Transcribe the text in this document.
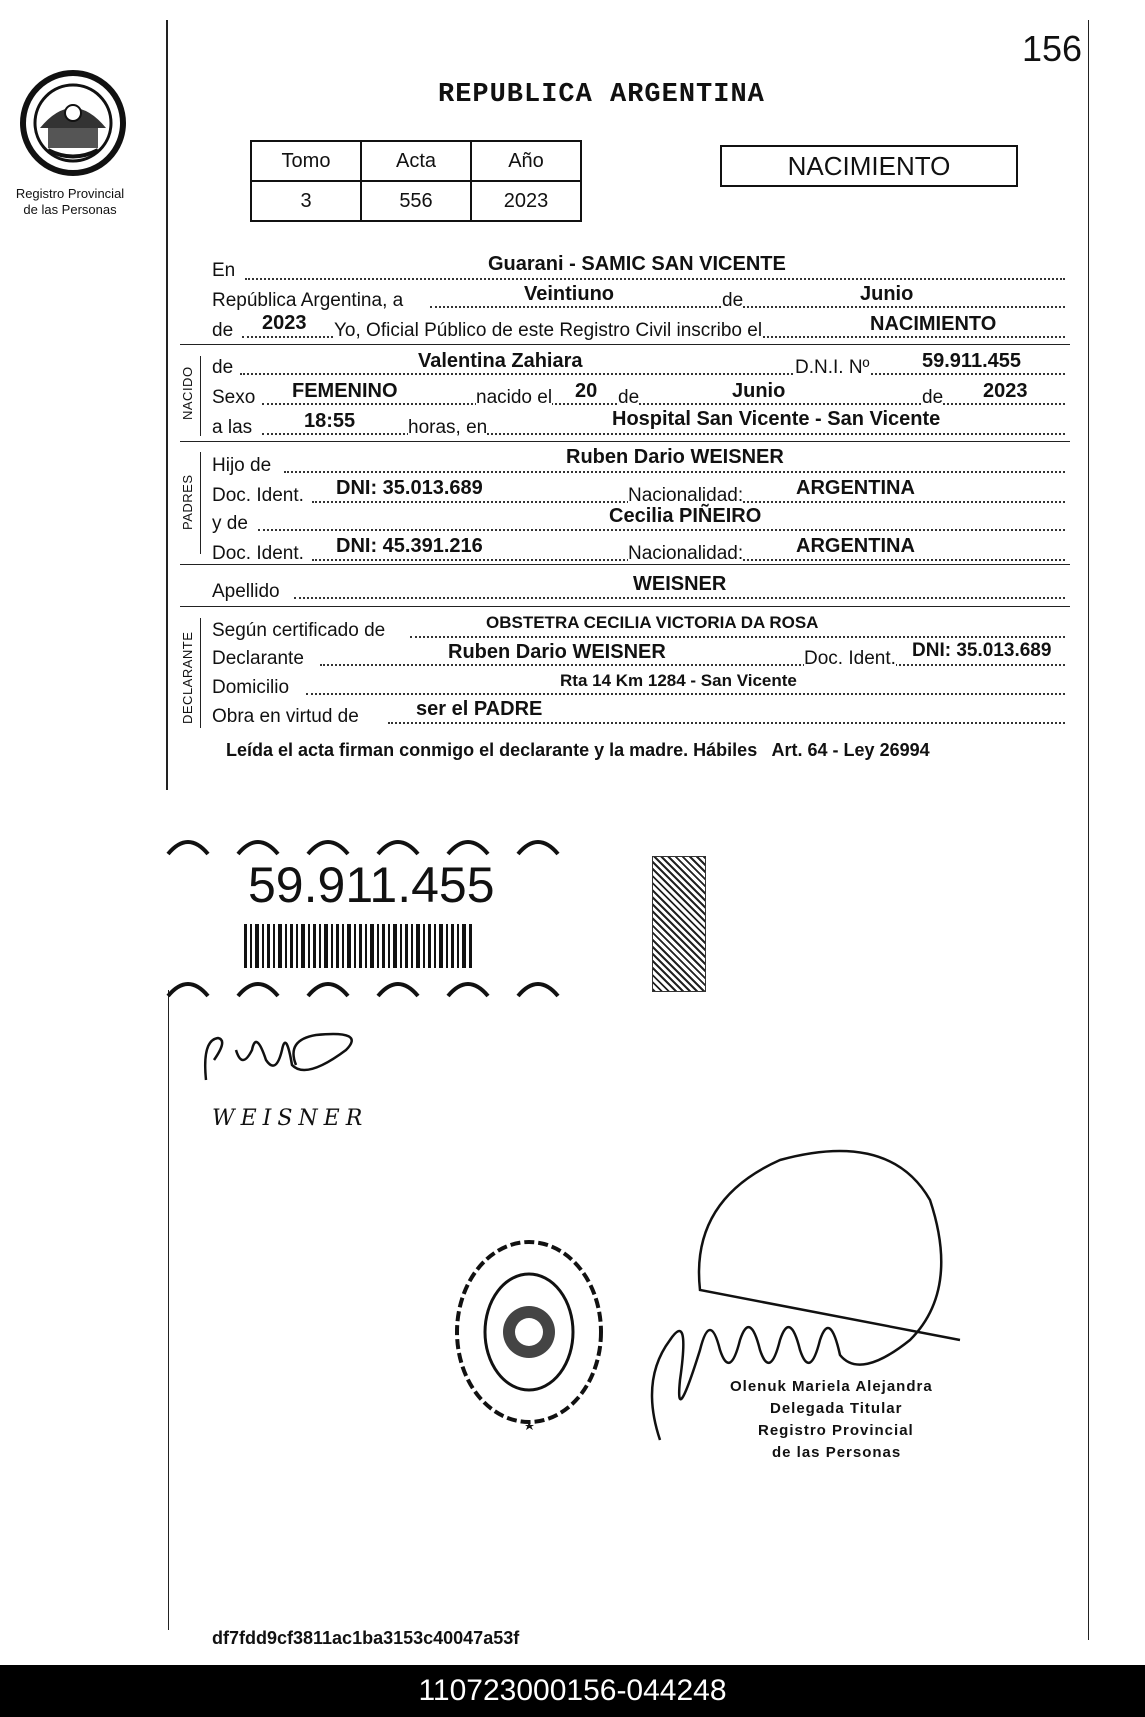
156
Registro Provincial
de las Personas
REPUBLICA ARGENTINA
Tomo	Acta	Año
3	556	2023
NACIMIENTO
En	Guarani - SAMIC SAN VICENTE
República Argentina, a	Veintiuno	de	Junio
de 2023 Yo, Oficial Público de este Registro Civil inscribo el	NACIMIENTO
NACIDO de	Valentina Zahiara	D.N.I. Nº	59.911.455
Sexo FEMENINO	nacido el 20 de	Junio	de 2023
a las	18:55	horas, en	Hospital San Vicente - San Vicente
PADRES
Hijo de	Ruben Dario WEISNER
Doc. Ident. DNI: 35.013.689	Nacionalidad:	ARGENTINA
y de	Cecilia PIÑEIRO
Doc. Ident. DNI: 45.391.216	Nacionalidad:	ARGENTINA
Apellido	WEISNER
DECLARANTE
Según certificado de	OBSTETRA CECILIA VICTORIA DA ROSA
Declarante	Ruben Dario WEISNER	Doc. Ident. DNI: 35.013.689
Domicilio	Rta 14 Km 1284 - San Vicente
Obra en virtud de	ser el PADRE
Leída el acta firman conmigo el declarante y la madre. Hábiles   Art. 64 - Ley 26994
59.911.455
WEISNER
Olenuk Mariela Alejandra
Delegada Titular
Registro Provincial
de las Personas
df7fdd9cf3811ac1ba3153c40047a53f
110723000156-044248
